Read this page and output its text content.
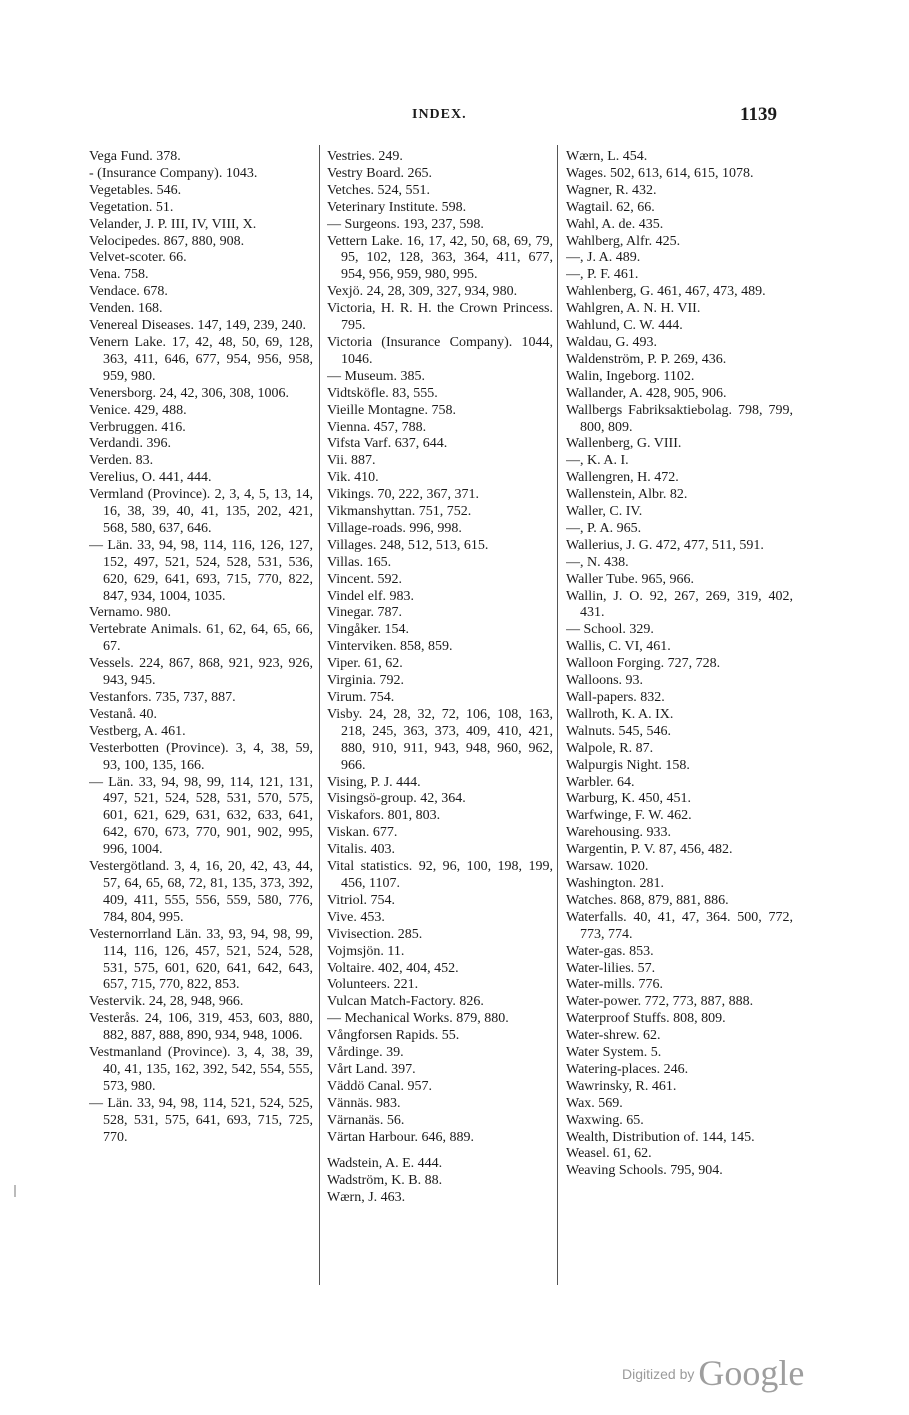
INDEX.	1139
Vega Fund. 378.
- (Insurance Company). 1043.
Vegetables. 546.
Vegetation. 51.
Velander, J. P. III, IV, VIII, X.
Velocipedes. 867, 880, 908.
Velvet-scoter. 66.
Vena. 758.
Vendace. 678.
Venden. 168.
Venereal Diseases. 147, 149, 239, 240.
Venern Lake. 17, 42, 48, 50, 69, 128, 363, 411, 646, 677, 954, 956, 958, 959, 980.
Venersborg. 24, 42, 306, 308, 1006.
Venice. 429, 488.
Verbruggen. 416.
Verdandi. 396.
Verden. 83.
Verelius, O. 441, 444.
Vermland (Province). 2, 3, 4, 5, 13, 14, 16, 38, 39, 40, 41, 135, 202, 421, 568, 580, 637, 646.
— Län. 33, 94, 98, 114, 116, 126, 127, 152, 497, 521, 524, 528, 531, 536, 620, 629, 641, 693, 715, 770, 822, 847, 934, 1004, 1035.
Vernamo. 980.
Vertebrate Animals. 61, 62, 64, 65, 66, 67.
Vessels. 224, 867, 868, 921, 923, 926, 943, 945.
Vestanfors. 735, 737, 887.
Vestanå. 40.
Vestberg, A. 461.
Vesterbotten (Province). 3, 4, 38, 59, 93, 100, 135, 166.
— Län. 33, 94, 98, 99, 114, 121, 131, 497, 521, 524, 528, 531, 570, 575, 601, 621, 629, 631, 632, 633, 641, 642, 670, 673, 770, 901, 902, 995, 996, 1004.
Vestergötland. 3, 4, 16, 20, 42, 43, 44, 57, 64, 65, 68, 72, 81, 135, 373, 392, 409, 411, 555, 556, 559, 580, 776, 784, 804, 995.
Vesternorrland Län. 33, 93, 94, 98, 99, 114, 116, 126, 457, 521, 524, 528, 531, 575, 601, 620, 641, 642, 643, 657, 715, 770, 822, 853.
Vestervik. 24, 28, 948, 966.
Vesterås. 24, 106, 319, 453, 603, 880, 882, 887, 888, 890, 934, 948, 1006.
Vestmanland (Province). 3, 4, 38, 39, 40, 41, 135, 162, 392, 542, 554, 555, 573, 980.
— Län. 33, 94, 98, 114, 521, 524, 525, 528, 531, 575, 641, 693, 715, 725, 770.
Vestries. 249.
Vestry Board. 265.
Vetches. 524, 551.
Veterinary Institute. 598.
— Surgeons. 193, 237, 598.
Vettern Lake. 16, 17, 42, 50, 68, 69, 79, 95, 102, 128, 363, 364, 411, 677, 954, 956, 959, 980, 995.
Vexjö. 24, 28, 309, 327, 934, 980.
Victoria, H. R. H. the Crown Princess. 795.
Victoria (Insurance Company). 1044, 1046.
— Museum. 385.
Vidtsköfle. 83, 555.
Vieille Montagne. 758.
Vienna. 457, 788.
Vifsta Varf. 637, 644.
Vii. 887.
Vik. 410.
Vikings. 70, 222, 367, 371.
Vikmanshyttan. 751, 752.
Village-roads. 996, 998.
Villages. 248, 512, 513, 615.
Villas. 165.
Vincent. 592.
Vindel elf. 983.
Vinegar. 787.
Vingåker. 154.
Vinterviken. 858, 859.
Viper. 61, 62.
Virginia. 792.
Virum. 754.
Visby. 24, 28, 32, 72, 106, 108, 163, 218, 245, 363, 373, 409, 410, 421, 880, 910, 911, 943, 948, 960, 962, 966.
Vising, P. J. 444.
Visingsö-group. 42, 364.
Viskafors. 801, 803.
Viskan. 677.
Vitalis. 403.
Vital statistics. 92, 96, 100, 198, 199, 456, 1107.
Vitriol. 754.
Vive. 453.
Vivisection. 285.
Vojmsjön. 11.
Voltaire. 402, 404, 452.
Volunteers. 221.
Vulcan Match-Factory. 826.
— Mechanical Works. 879, 880.
Vångforsen Rapids. 55.
Vårdinge. 39.
Vårt Land. 397.
Väddö Canal. 957.
Vännäs. 983.
Värnanäs. 56.
Värtan Harbour. 646, 889.
Wadstein, A. E. 444.
Wadström, K. B. 88.
Wærn, J. 463.
Wærn, L. 454.
Wages. 502, 613, 614, 615, 1078.
Wagner, R. 432.
Wagtail. 62, 66.
Wahl, A. de. 435.
Wahlberg, Alfr. 425.
—, J. A. 489.
—, P. F. 461.
Wahlenberg, G. 461, 467, 473, 489.
Wahlgren, A. N. H. VII.
Wahlund, C. W. 444.
Waldau, G. 493.
Waldenström, P. P. 269, 436.
Walin, Ingeborg. 1102.
Wallander, A. 428, 905, 906.
Wallbergs Fabriksaktiebolag. 798, 799, 800, 809.
Wallenberg, G. VIII.
—, K. A. I.
Wallengren, H. 472.
Wallenstein, Albr. 82.
Waller, C. IV.
—, P. A. 965.
Wallerius, J. G. 472, 477, 511, 591.
—, N. 438.
Waller Tube. 965, 966.
Wallin, J. O. 92, 267, 269, 319, 402, 431.
— School. 329.
Wallis, C. VI, 461.
Walloon Forging. 727, 728.
Walloons. 93.
Wall-papers. 832.
Wallroth, K. A. IX.
Walnuts. 545, 546.
Walpole, R. 87.
Walpurgis Night. 158.
Warbler. 64.
Warburg, K. 450, 451.
Warfwinge, F. W. 462.
Warehousing. 933.
Wargentin, P. V. 87, 456, 482.
Warsaw. 1020.
Washington. 281.
Watches. 868, 879, 881, 886.
Waterfalls. 40, 41, 47, 364. 500, 772, 773, 774.
Water-gas. 853.
Water-lilies. 57.
Water-mills. 776.
Water-power. 772, 773, 887, 888.
Waterproof Stuffs. 808, 809.
Water-shrew. 62.
Water System. 5.
Watering-places. 246.
Wawrinsky, R. 461.
Wax. 569.
Waxwing. 65.
Wealth, Distribution of. 144, 145.
Weasel. 61, 62.
Weaving Schools. 795, 904.
Digitized by Google
